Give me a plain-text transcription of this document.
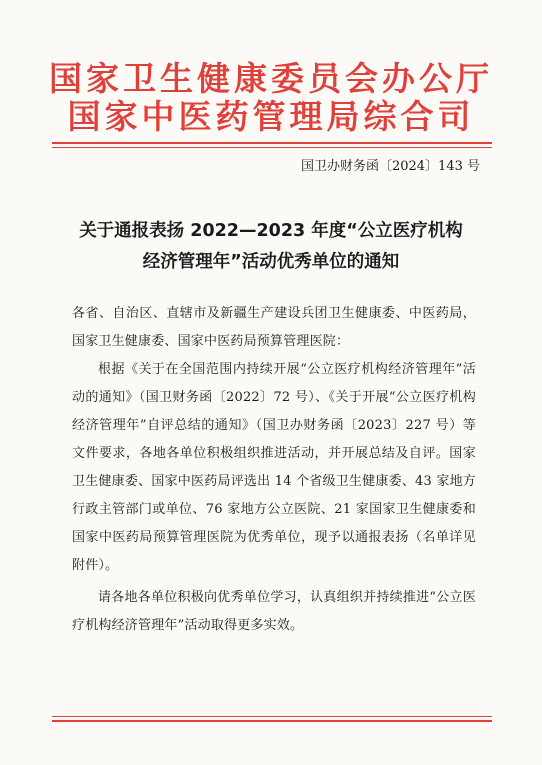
国家卫生健康委员会办公厅
国家中医药管理局综合司
国卫办财务函〔2024〕143 号
关于通报表扬 2022—2023 年度“公立医疗机构
经济管理年”活动优秀单位的通知

各省、自治区、直辖市及新疆生产建设兵团卫生健康委、中医药局，国家卫生健康委、国家中医药局预算管理医院：

根据《关于在全国范围内持续开展“公立医疗机构经济管理年”活动的通知》（国卫财务函〔2022〕72 号）、《关于开展“公立医疗机构经济管理年”自评总结的通知》（国卫办财务函〔2023〕227 号）等文件要求，各地各单位积极组织推进活动，并开展总结及自评。国家卫生健康委、国家中医药局评选出 14 个省级卫生健康委、43 家地方行政主管部门或单位、76 家地方公立医院、21 家国家卫生健康委和国家中医药局预算管理医院为优秀单位，现予以通报表扬（名单详见附件）。

请各地各单位积极向优秀单位学习，认真组织并持续推进“公立医疗机构经济管理年”活动取得更多实效。
